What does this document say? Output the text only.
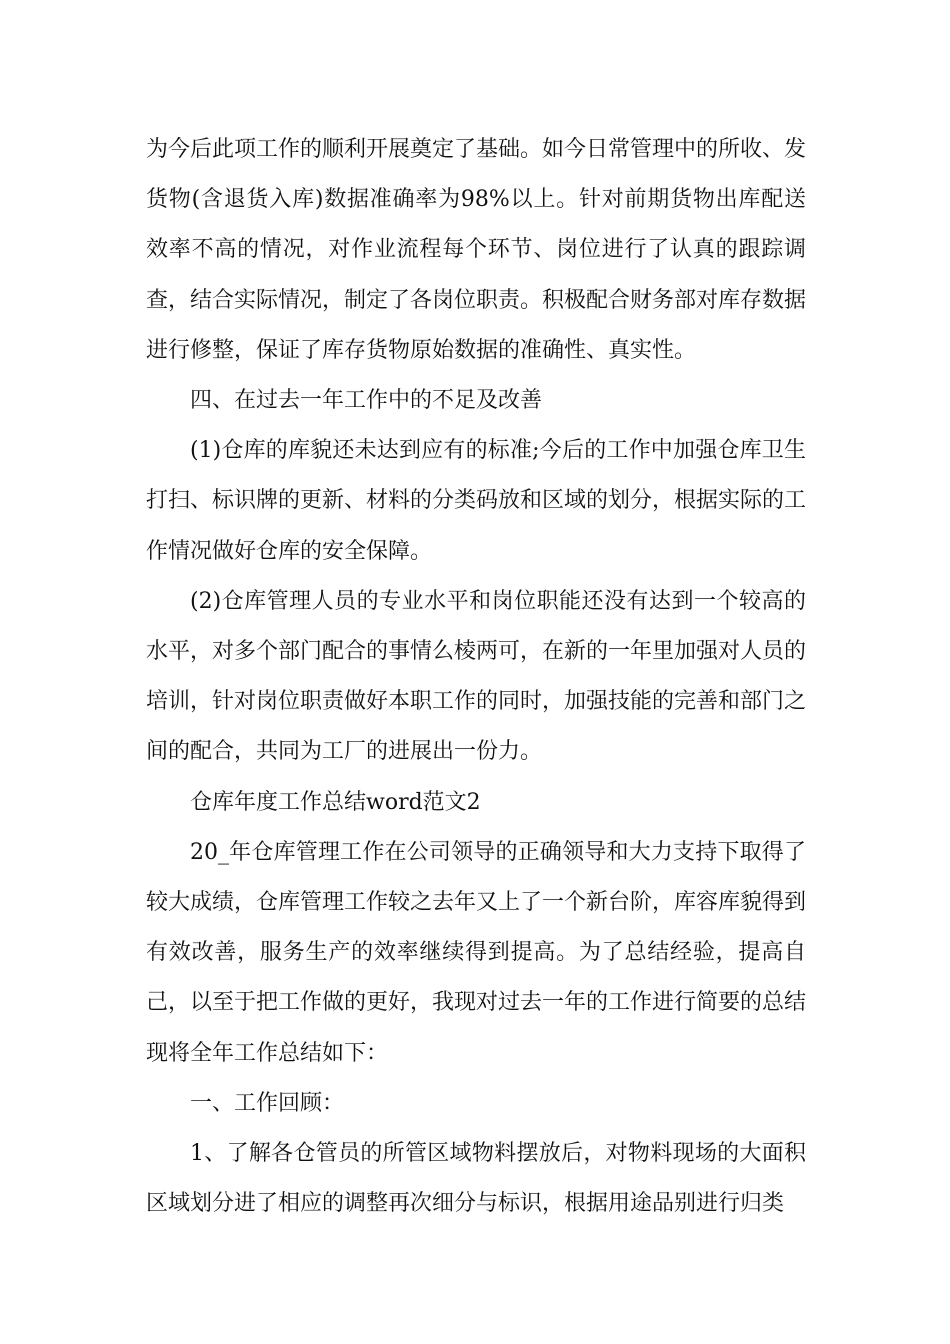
为今后此项工作的顺利开展奠定了基础。如今日常管理中的所收、发货物(含退货入库)数据准确率为98%以上。针对前期货物出库配送效率不高的情况，对作业流程每个环节、岗位进行了认真的跟踪调查，结合实际情况，制定了各岗位职责。积极配合财务部对库存数据进行修整，保证了库存货物原始数据的准确性、真实性。

四、在过去一年工作中的不足及改善

(1)仓库的库貌还未达到应有的标准;今后的工作中加强仓库卫生打扫、标识牌的更新、材料的分类码放和区域的划分，根据实际的工作情况做好仓库的安全保障。

(2)仓库管理人员的专业水平和岗位职能还没有达到一个较高的水平，对多个部门配合的事情么棱两可，在新的一年里加强对人员的培训，针对岗位职责做好本职工作的同时，加强技能的完善和部门之间的配合，共同为工厂的进展出一份力。

仓库年度工作总结word范文2

20_年仓库管理工作在公司领导的正确领导和大力支持下取得了较大成绩，仓库管理工作较之去年又上了一个新台阶，库容库貌得到有效改善，服务生产的效率继续得到提高。为了总结经验，提高自己，以至于把工作做的更好，我现对过去一年的工作进行简要的总结现将全年工作总结如下：

一、工作回顾：

1、了解各仓管员的所管区域物料摆放后，对物料现场的大面积区域划分进了相应的调整再次细分与标识，根据用途品别进行归类
